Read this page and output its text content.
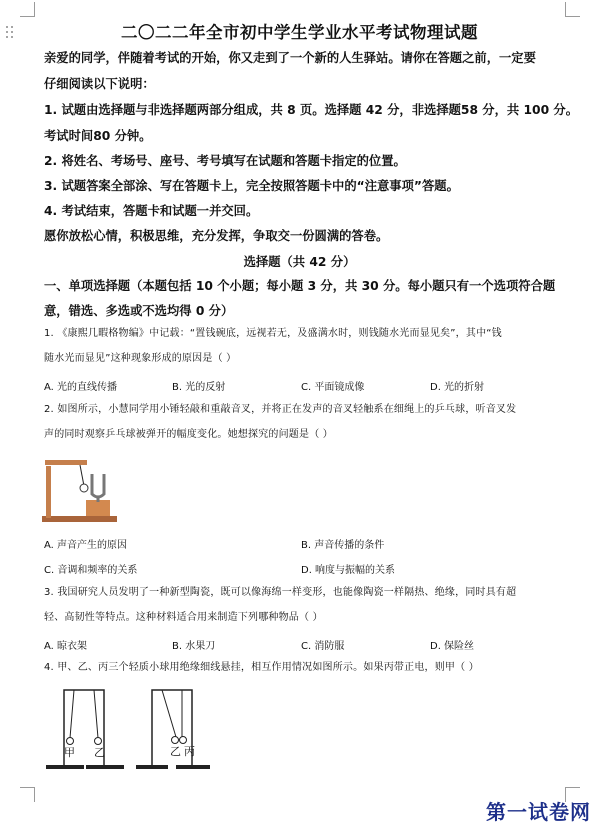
二〇二二年全市初中学生学业水平考试物理试题
亲爱的同学，伴随着考试的开始，你又走到了一个新的人生驿站。请你在答题之前，一定要
仔细阅读以下说明：
1. 试题由选择题与非选择题两部分组成，共 8 页。选择题 42 分，非选择题58 分，共 100 分。
考试时间80 分钟。
2. 将姓名、考场号、座号、考号填写在试题和答题卡指定的位置。
3. 试题答案全部涂、写在答题卡上，完全按照答题卡中的“注意事项”答题。
4. 考试结束，答题卡和试题一并交回。
愿你放松心情，积极思维，充分发挥，争取交一份圆满的答卷。
选择题（共 42 分）
一、单项选择题（本题包括 10 个小题；每小题 3 分，共 30 分。每小题只有一个选项符合题
意，错选、多选或不选均得 0 分）
1. 《康熙几暇格物编》中记载：“置钱碗底，远视若无，及盛满水时，则钱随水光而显见矣”，其中“钱
随水光而显见”这种现象形成的原因是（ ）
A. 光的直线传播	B. 光的反射	C. 平面镜成像	D. 光的折射
2. 如图所示，小慧同学用小锤轻敲和重敲音叉，并将正在发声的音叉轻触系在细绳上的乒乓球，听音叉发
声的同时观察乒乓球被弹开的幅度变化。她想探究的问题是（ ）
A. 声音产生的原因	B. 声音传播的条件
C. 音调和频率的关系	D. 响度与振幅的关系
3. 我国研究人员发明了一种新型陶瓷，既可以像海绵一样变形，也能像陶瓷一样隔热、绝缘，同时具有超
轻、高韧性等特点。这种材料适合用来制造下列哪种物品（ ）
A. 晾衣架	B. 水果刀	C. 消防服	D. 保险丝
4. 甲、乙、丙三个轻质小球用绝缘细线悬挂，相互作用情况如图所示。如果丙带正电，则甲（ ）
甲 乙	乙 丙
第一试卷网
